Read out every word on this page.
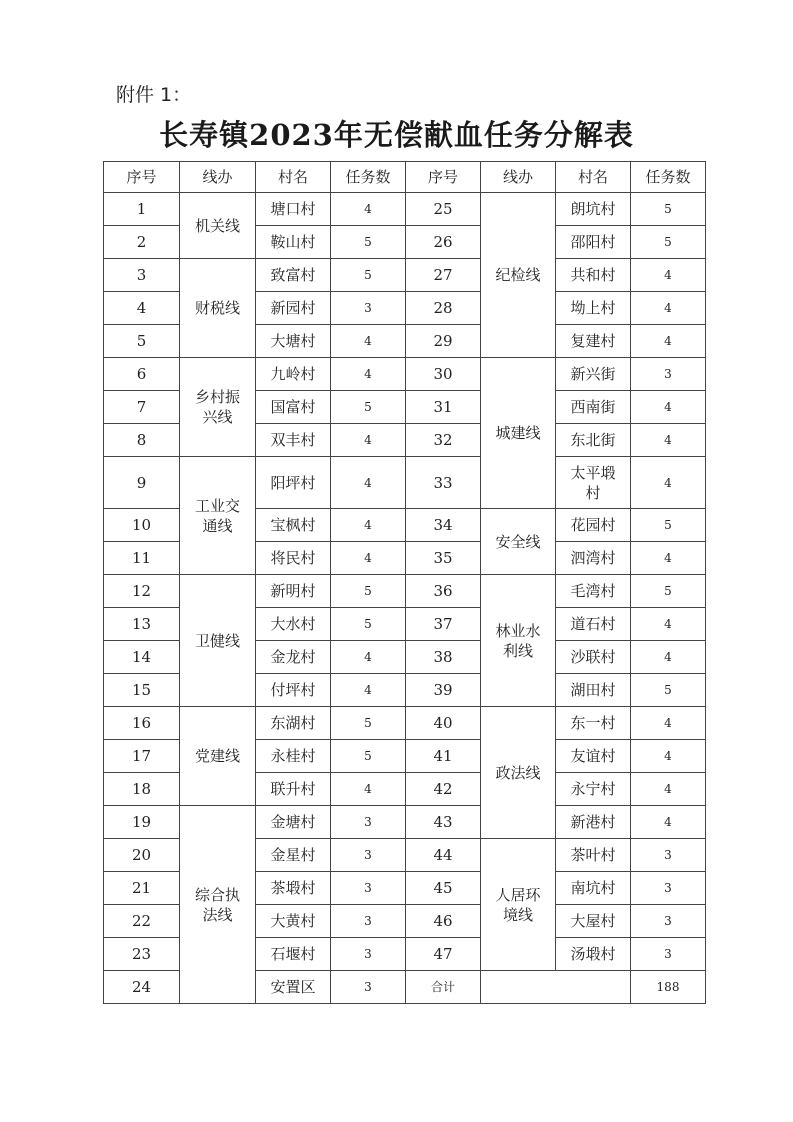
附件 1：
长寿镇2023年无偿献血任务分解表
序号	线办	村名	任务数	序号	线办	村名	任务数
1	机关线	塘口村	4	25	纪检线	朗坑村	5
2		鞍山村	5	26		邵阳村	5
3	财税线	致富村	5	27		共和村	4
4		新园村	3	28		坳上村	4
5		大塘村	4	29		复建村	4
6	乡村振
兴线	九岭村	4	30	城建线	新兴街	3
7		国富村	5	31		西南街	4
8		双丰村	4	32		东北街	4
9	工业交
通线	阳坪村	4	33		太平塅
村	4
10		宝枫村	4	34	安全线	花园村	5
11		将民村	4	35		泗湾村	4
12	卫健线	新明村	5	36	林业水
利线	毛湾村	5
13		大水村	5	37		道石村	4
14		金龙村	4	38		沙联村	4
15		付坪村	4	39		湖田村	5
16	党建线	东湖村	5	40	政法线	东一村	4
17		永桂村	5	41		友谊村	4
18		联升村	4	42		永宁村	4
19	综合执
法线	金塘村	3	43		新港村	4
20		金星村	3	44	人居环
境线	茶叶村	3
21		茶塅村	3	45		南坑村	3
22		大黄村	3	46		大屋村	3
23		石堰村	3	47		汤塅村	3
24		安置区	3	合计			188
